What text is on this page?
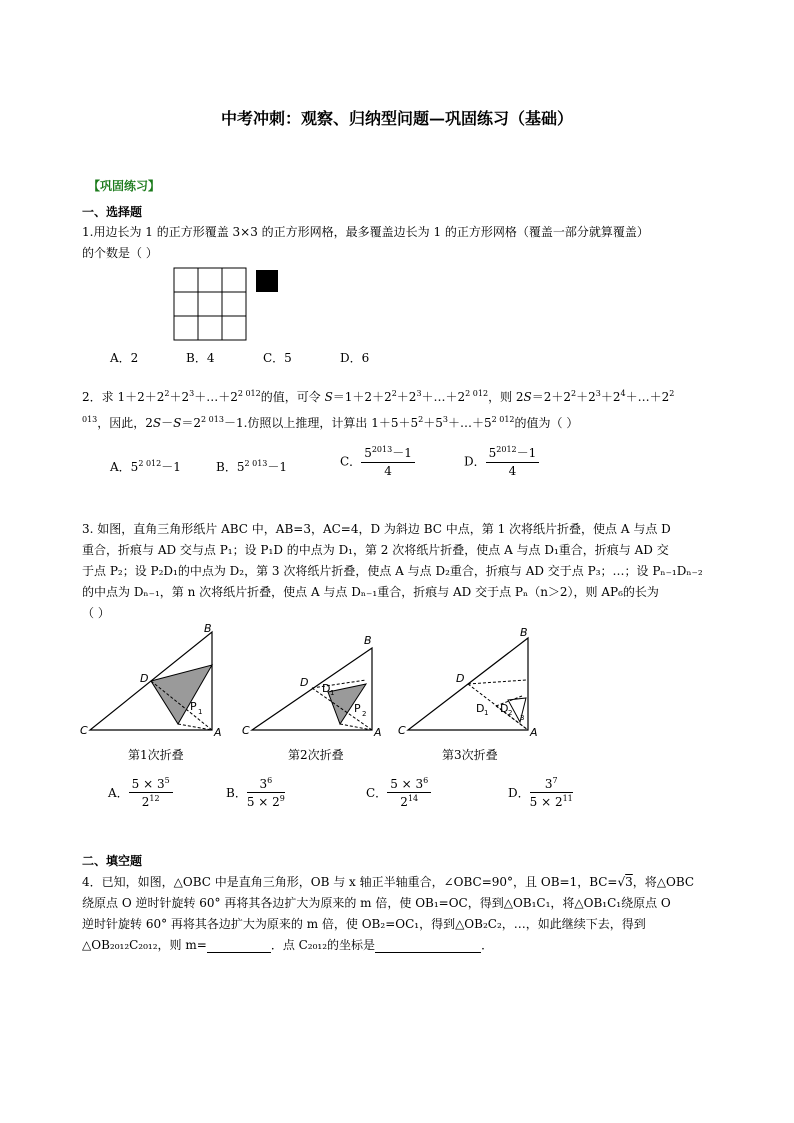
中考冲刺：观察、归纳型问题—巩固练习（基础）
【巩固练习】
一、选择题
1.用边长为 1 的正方形覆盖 3×3 的正方形网格，最多覆盖边长为 1 的正方形网格（覆盖一部分就算覆盖）
的个数是（ ）
A．2	B．4	C．5	D．6
2．求 $1+2+2^2+2^3+\dots+2^{2 012}$的值，可令 $S=1+2+2^2+2^3+\dots+2^{2 012}$，则 $2S=2+2^2+2^3+2^4+\dots+2^2$
$^{013}$，因此，$2S-S=2^{2 013}-1$.仿照以上推理，计算出 $1+5+5^2+5^3+\dots+5^{2 012}$的值为（ ）
A．$5^{2 012}-1$	B．$5^{2 013}-1$	C． $\frac{5^{2013}-1}{4}$	D． $\frac{5^{2012}-1}{4}$
3. 如图，直角三角形纸片 ABC 中，AB=3，AC=4，D 为斜边 BC 中点，第 1 次将纸片折叠，使点 A 与点 D
重合，折痕与 AD 交与点 P₁；设 P₁D 的中点为 D₁，第 2 次将纸片折叠，使点 A 与点 D₁重合，折痕与 AD 交
于点 P₂；设 P₂D₁的中点为 D₂，第 3 次将纸片折叠，使点 A 与点 D₂重合，折痕与 AD 交于点 P₃；…；设 Pₙ₋₁Dₙ₋₂
的中点为 Dₙ₋₁，第 n 次将纸片折叠，使点 A 与点 Dₙ₋₁重合，折痕与 AD 交于点 Pₙ（n＞2），则 AP₆的长为
（ ）
B
D
C	A
P 1
B
D D 1
C	A
P 2
B
D
D 1 D 2
C	A
3
第1次折叠	第2次折叠	第3次折叠
A． $\frac{5 \times 3^5}{2^{12}}$	B． $\frac{3^6}{5 \times 2^9}$	C． $\frac{5 \times 3^6}{2^{14}}$	D． $\frac{3^7}{5 \times 2^{11}}$
二、填空题
4．已知，如图，△OBC 中是直角三角形，OB 与 x 轴正半轴重合，∠OBC=90°，且 OB=1，BC=√3，将△OBC
绕原点 O 逆时针旋转 60° 再将其各边扩大为原来的 m 倍，使 OB₁=OC，得到△OB₁C₁，将△OB₁C₁绕原点 O
逆时针旋转 60° 再将其各边扩大为原来的 m 倍，使 OB₂=OC₁，得到△OB₂C₂，…，如此继续下去，得到
△OB₂₀₁₂C₂₀₁₂，则 m=	．点 C₂₀₁₂的坐标是	．
